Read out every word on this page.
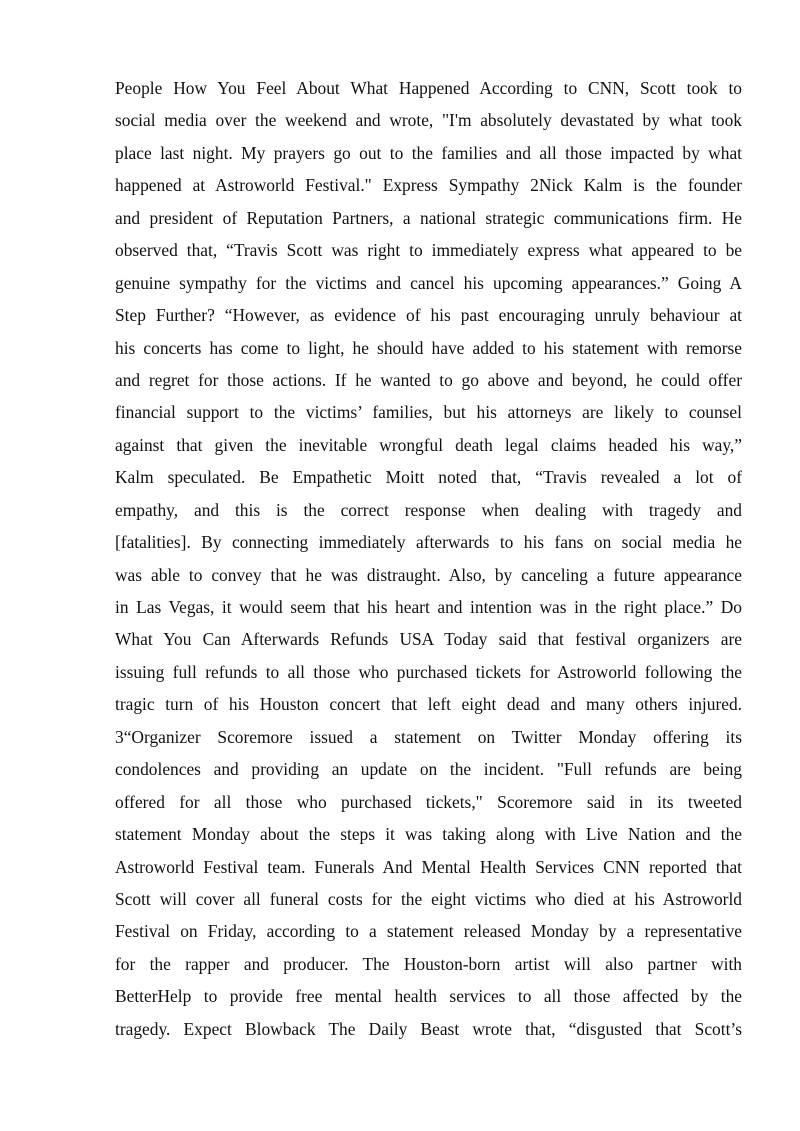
People How You Feel About What Happened According to CNN, Scott took to
social media over the weekend and wrote, "I'm absolutely devastated by what took
place last night. My prayers go out to the families and all those impacted by what
happened at Astroworld Festival." Express Sympathy 2Nick Kalm is the founder
and president of Reputation Partners, a national strategic communications firm. He
observed that, “Travis Scott was right to immediately express what appeared to be
genuine sympathy for the victims and cancel his upcoming appearances.” Going A
Step Further? “However, as evidence of his past encouraging unruly behaviour at
his concerts has come to light, he should have added to his statement with remorse
and regret for those actions. If he wanted to go above and beyond, he could offer
financial support to the victims’ families, but his attorneys are likely to counsel
against that given the inevitable wrongful death legal claims headed his way,”
Kalm speculated. Be Empathetic Moitt noted that, “Travis revealed a lot of
empathy, and this is the correct response when dealing with tragedy and
[fatalities]. By connecting immediately afterwards to his fans on social media he
was able to convey that he was distraught. Also, by canceling a future appearance
in Las Vegas, it would seem that his heart and intention was in the right place.” Do
What You Can Afterwards Refunds USA Today said that festival organizers are
issuing full refunds to all those who purchased tickets for Astroworld following the
tragic turn of his Houston concert that left eight dead and many others injured.
3“Organizer Scoremore issued a statement on Twitter Monday offering its
condolences and providing an update on the incident. "Full refunds are being
offered for all those who purchased tickets," Scoremore said in its tweeted
statement Monday about the steps it was taking along with Live Nation and the
Astroworld Festival team. Funerals And Mental Health Services CNN reported that
Scott will cover all funeral costs for the eight victims who died at his Astroworld
Festival on Friday, according to a statement released Monday by a representative
for the rapper and producer. The Houston-born artist will also partner with
BetterHelp to provide free mental health services to all those affected by the
tragedy. Expect Blowback The Daily Beast wrote that, “disgusted that Scott’s
